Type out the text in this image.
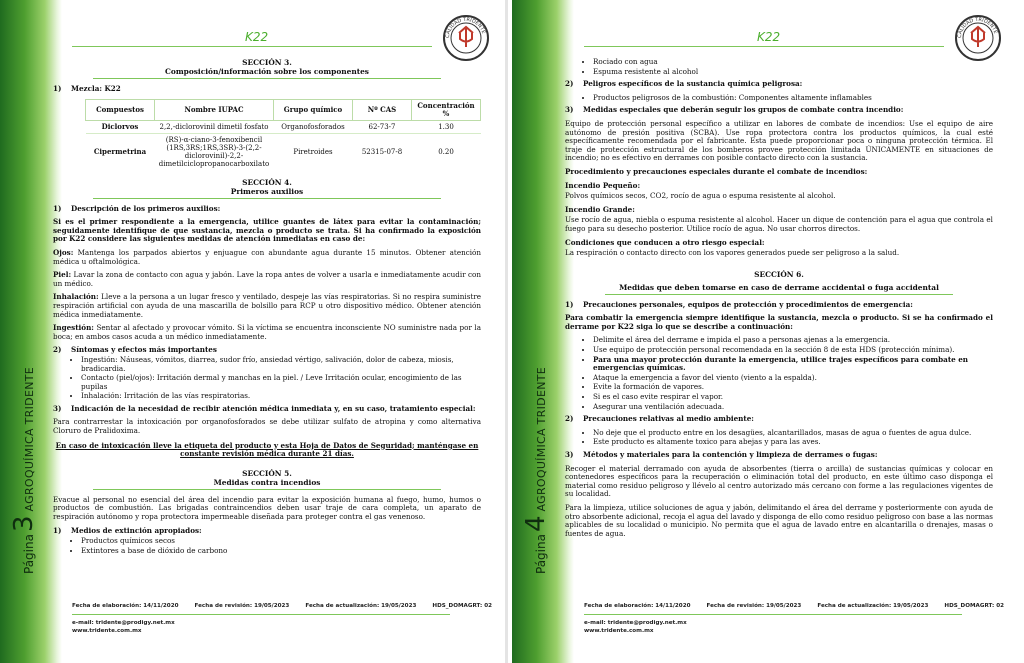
Página
3
AGROQUÍMICA TRIDENTE
K22	CALIDAD TRIDENTE
SECCIÓN 3.
Composición/información sobre los componentes
1) Mezcla: K22
Compuestos	Nombre IUPAC	Grupo químico	Nº CAS	Concentración %
Diclorvos	2,2,-diclorovinil dimetil fosfato	Organofosforados	62-73-7	1.30
Cipermetrina	(RS)-α-ciano-3-fenoxibencil (1RS,3RS;1RS,3SR)-3-(2,2-diclorovinil)-2,2-dimetilciclopropanocarboxilato	Piretroides	52315-07-8	0.20
SECCIÓN 4.
Primeros auxilios
1) Descripción de los primeros auxilios:

Si es el primer respondiente a la emergencia, utilice guantes de látex para evitar la contaminación; seguidamente identifique de que sustancia, mezcla o producto se trata. Si ha confirmado la exposición por K22 considere las siguientes medidas de atención inmediatas en caso de:

Ojos: Mantenga los parpados abiertos y enjuague con abundante agua durante 15 minutos. Obtener atención médica u oftalmológica.

Piel: Lavar la zona de contacto con agua y jabón. Lave la ropa antes de volver a usarla e inmediatamente acudir con un médico.

Inhalación: Lleve a la persona a un lugar fresco y ventilado, despeje las vías respiratorias. Si no respira suministre respiración artificial con ayuda de una mascarilla de bolsillo para RCP u otro dispositivo médico. Obtener atención médica inmediatamente.

Ingestión: Sentar al afectado y provocar vómito. Si la víctima se encuentra inconsciente NO suministre nada por la boca; en ambos casos acuda a un médico inmediatamente.

2) Síntomas y efectos más importantes
• Ingestión: Náuseas, vómitos, diarrea, sudor frío, ansiedad vértigo, salivación, dolor de cabeza, miosis, bradicardia.
• Contacto (piel/ojos): Irritación dermal y manchas en la piel. / Leve Irritación ocular, encogimiento de las pupilas
• Inhalación: Irritación de las vías respiratorias.
3) Indicación de la necesidad de recibir atención médica inmediata y, en su caso, tratamiento especial:

Para contrarrestar la intoxicación por organofosforados se debe utilizar sulfato de atropina y como alternativa Cloruro de Pralidoxima.

En caso de intoxicación lleve la etiqueta del producto y esta Hoja de Datos de Seguridad; manténgase en constante revisión médica durante 21 días.
SECCIÓN 5.
Medidas contra incendios

Evacue al personal no esencial del área del incendio para evitar la exposición humana al fuego, humo, humos o productos de combustión. Las brigadas contraincendios deben usar traje de cara completa, un aparato de respiración autónomo y ropa protectora impermeable diseñada para proteger contra el gas venenoso.

1) Medios de extinción apropiados:
• Productos químicos secos
• Extintores a base de dióxido de carbono
Fecha de elaboración: 14/11/2020	Fecha de revisión: 19/05/2023	Fecha de actualización: 19/05/2023	HDS_DOMAGRT: 02
e-mail: tridente@prodigy.net.mx
www.tridente.com.mx
Página
4
AGROQUÍMICA TRIDENTE
K22	CALIDAD TRIDENTE
• Rociado con agua
• Espuma resistente al alcohol
2) Peligros específicos de la sustancia química peligrosa:
• Productos peligrosos de la combustión: Componentes altamente inflamables
3) Medidas especiales que deberán seguir los grupos de combate contra incendio:

Equipo de protección personal específico a utilizar en labores de combate de incendios: Use el equipo de aire autónomo de presión positiva (SCBA). Use ropa protectora contra los productos químicos, la cual esté específicamente recomendada por el fabricante. Esta puede proporcionar poca o ninguna protección térmica. El traje de protección estructural de los bomberos provee protección limitada ÚNICAMENTE en situaciones de incendio; no es efectivo en derrames con posible contacto directo con la sustancia.

Procedimiento y precauciones especiales durante el combate de incendios:

Incendio Pequeño:

Polvos químicos secos, CO2, rocío de agua o espuma resistente al alcohol.

Incendio Grande:

Use rocío de agua, niebla o espuma resistente al alcohol. Hacer un dique de contención para el agua que controla el fuego para su desecho posterior. Utilice rocío de agua. No usar chorros directos.

Condiciones que conducen a otro riesgo especial:

La respiración o contacto directo con los vapores generados puede ser peligroso a la salud.

SECCIÓN 6.
Medidas que deben tomarse en caso de derrame accidental o fuga accidental
1) Precauciones personales, equipos de protección y procedimientos de emergencia:

Para combatir la emergencia siempre identifique la sustancia, mezcla o producto. Si se ha confirmado el derrame por K22 siga lo que se describe a continuación:

• Delimite el área del derrame e impida el paso a personas ajenas a la emergencia.
• Use equipo de protección personal recomendada en la sección 8 de esta HDS (protección mínima).
• Para una mayor protección durante la emergencia, utilice trajes específicos para combate en emergencias químicas.
• Ataque la emergencia a favor del viento (viento a la espalda).
• Evite la formación de vapores.
• Si es el caso evite respirar el vapor.
• Asegurar una ventilación adecuada.
2) Precauciones relativas al medio ambiente:
• No deje que el producto entre en los desagües, alcantarillados, masas de agua o fuentes de agua dulce.
• Este producto es altamente toxico para abejas y para las aves.
3) Métodos y materiales para la contención y limpieza de derrames o fugas:

Recoger el material derramado con ayuda de absorbentes (tierra o arcilla) de sustancias químicas y colocar en contenedores específicos para la recuperación o eliminación total del producto, en este último caso disponga el material como residuo peligroso y llévelo al centro autorizado más cercano con forme a las regulaciones vigentes de su localidad.

Para la limpieza, utilice soluciones de agua y jabón, delimitando el área del derrame y posteriormente con ayuda de otro absorbente adicional, recoja el agua del lavado y disponga de ello como residuo peligroso con base a las normas aplicables de su localidad o municipio. No permita que el agua de lavado entre en alcantarilla o drenajes, masas o fuentes de agua.

Fecha de elaboración: 14/11/2020	Fecha de revisión: 19/05/2023	Fecha de actualización: 19/05/2023	HDS_DOMAGRT: 02
e-mail: tridente@prodigy.net.mx
www.tridente.com.mx
